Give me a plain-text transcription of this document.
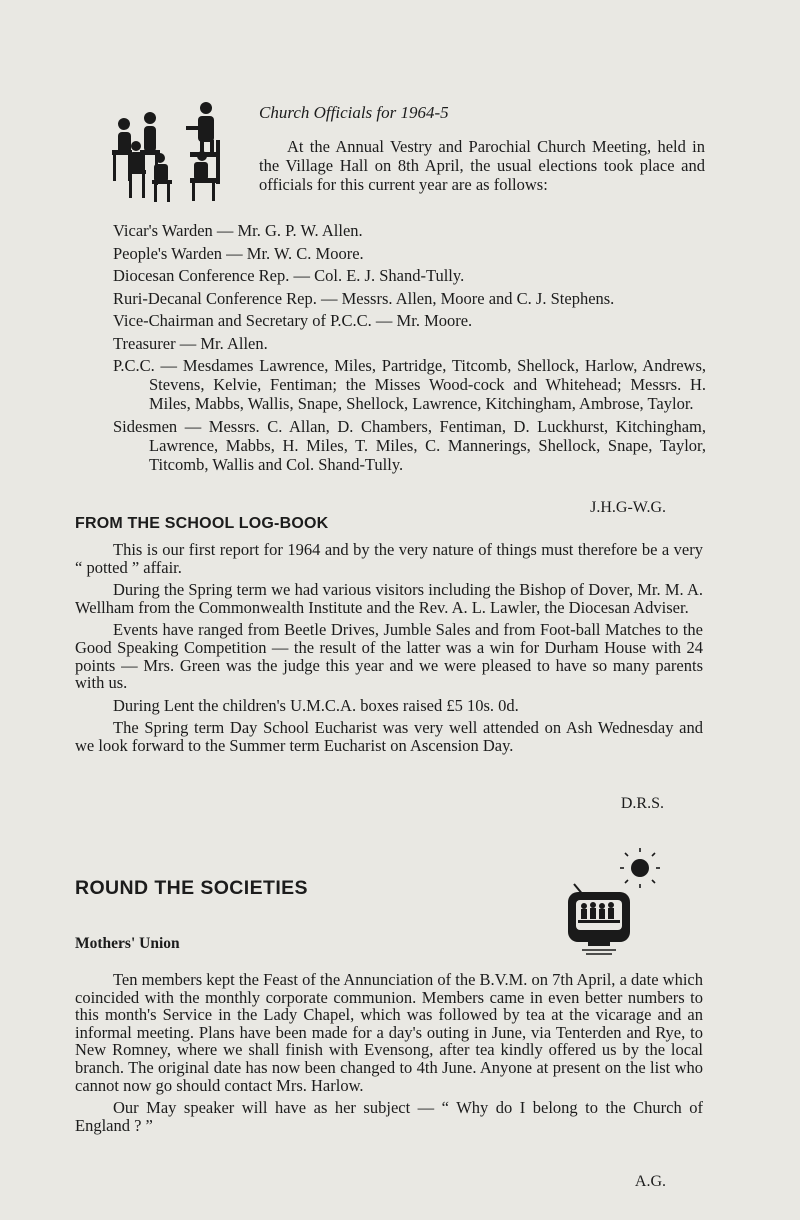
Church Officials for 1964-5

At the Annual Vestry and Parochial Church Meeting, held in the Village Hall on 8th April, the usual elections took place and officials for this current year are as follows:

Vicar's Warden — Mr. G. P. W. Allen.

People's Warden — Mr. W. C. Moore.

Diocesan Conference Rep. — Col. E. J. Shand-Tully.

Ruri-Decanal Conference Rep. — Messrs. Allen, Moore and C. J. Stephens.

Vice-Chairman and Secretary of P.C.C. — Mr. Moore.

Treasurer — Mr. Allen.

P.C.C. — Mesdames Lawrence, Miles, Partridge, Titcomb, Shellock, Harlow, Andrews, Stevens, Kelvie, Fentiman; the Misses Wood-cock and Whitehead; Messrs. H. Miles, Mabbs, Wallis, Snape, Shellock, Lawrence, Kitchingham, Ambrose, Taylor.

Sidesmen — Messrs. C. Allan, D. Chambers, Fentiman, D. Luckhurst, Kitchingham, Lawrence, Mabbs, H. Miles, T. Miles, C. Mannerings, Shellock, Snape, Taylor, Titcomb, Wallis and Col. Shand-Tully.

J.H.G-W.G.
FROM THE SCHOOL LOG-BOOK

This is our first report for 1964 and by the very nature of things must therefore be a very “ potted ” affair.

During the Spring term we had various visitors including the Bishop of Dover, Mr. M. A. Wellham from the Commonwealth Institute and the Rev. A. L. Lawler, the Diocesan Adviser.

Events have ranged from Beetle Drives, Jumble Sales and from Foot-ball Matches to the Good Speaking Competition — the result of the latter was a win for Durham House with 24 points — Mrs. Green was the judge this year and we were pleased to have so many parents with us.

During Lent the children's U.M.C.A. boxes raised £5 10s. 0d.

The Spring term Day School Eucharist was very well attended on Ash Wednesday and we look forward to the Summer term Eucharist on Ascension Day.

D.R.S.
ROUND THE SOCIETIES
Mothers' Union

Ten members kept the Feast of the Annunciation of the B.V.M. on 7th April, a date which coincided with the monthly corporate communion. Members came in even better numbers to this month's Service in the Lady Chapel, which was followed by tea at the vicarage and an informal meeting. Plans have been made for a day's outing in June, via Tenterden and Rye, to New Romney, where we shall finish with Evensong, after tea kindly offered us by the local branch. The original date has now been changed to 4th June. Anyone at present on the list who cannot now go should contact Mrs. Harlow.

Our May speaker will have as her subject — “ Why do I belong to the Church of England ? ”

A.G.
